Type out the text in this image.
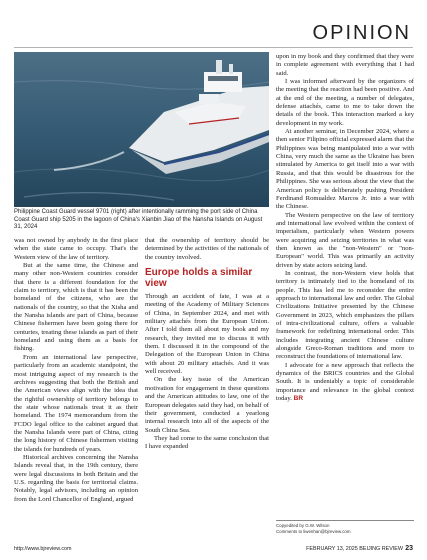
OPINION
Philippine Coast Guard vessel 9701 (right) after intentionally ramming the port side of China Coast Guard ship 5205 in the lagoon of China's Xianbin Jiao of the Nansha Islands on August 31, 2024

was not owned by anybody in the first place when the state came to occupy. That's the Western view of the law of territory.

But at the same time, the Chinese and many other non-Western countries consider that there is a different foundation for the claim to territory, which is that it has been the homeland of the citizens, who are the nationals of the country, so that the Xisha and the Nansha islands are part of China, because Chinese fishermen have been going there for centuries, treating these islands as part of their homeland and using them as a basis for fishing.

From an international law perspective, particularly from an academic standpoint, the most intriguing aspect of my research is the archives suggesting that both the British and the American views align with the idea that the rightful ownership of territory belongs to the state whose nationals treat it as their homeland. The 1974 memorandum from the FCDO legal office to the cabinet argued that the Nansha Islands were part of China, citing the long history of Chinese fishermen visiting the islands for hundreds of years.

Historical archives concerning the Nansha Islands reveal that, in the 19th century, there were legal discussions in both Britain and the U.S. regarding the basis for territorial claims. Notably, legal advisors, including an opinion from the Lord Chancellor of England, argued

that the ownership of territory should be determined by the activities of the nationals of the country involved.

Europe holds a similar view

Through an accident of fate, I was at a meeting of the Academy of Military Sciences of China, in September 2024, and met with military attachés from the European Union. After I told them all about my book and my research, they invited me to discuss it with them. I discussed it in the compound of the Delegation of the European Union in China with about 20 military attachés. And it was well received.

On the key issue of the American motivation for engagement in these questions and the American attitudes to law, one of the European delegates said they had, on behalf of their government, conducted a yearlong internal research into all of the aspects of the South China Sea.

They had come to the same conclusion that I have expanded

upon in my book and they confirmed that they were in complete agreement with everything that I had said.

I was informed afterward by the organizers of the meeting that the reaction had been positive. And at the end of the meeting, a number of delegates, defense attachés, came to me to take down the details of the book. This interaction marked a key development in my work.

At another seminar, in December 2024, where a then senior Filipino official expressed alarm that the Philippines was being manipulated into a war with China, very much the same as the Ukraine has been stimulated by America to get itself into a war with Russia, and that this would be disastrous for the Philippines. She was serious about the view that the American policy is deliberately pushing President Ferdinand Romualdez Marcos Jr. into a war with the Chinese.

The Western perspective on the law of territory and international law evolved within the context of imperialism, particularly when Western powers were acquiring and seizing territories in what was then known as the "non-Western" or "non-European" world. This was primarily an activity driven by state actors seizing land.

In contrast, the non-Western view holds that territory is intimately tied to the homeland of its people. This has led me to reconsider the entire approach to international law and order. The Global Civilizations Initiative presented by the Chinese Government in 2023, which emphasizes the pillars of intra-civilizational culture, offers a valuable framework for redefining international order. This includes integrating ancient Chinese culture alongside Greco-Roman traditions and more to reconstruct the foundations of international law.

I advocate for a new approach that reflects the dynamics of the BRICS countries and the Global South. It is undeniably a topic of considerable importance and relevance in the global context today. BR

Copyedited by G.W. Wilson
Comments to liwenhan@bjreview.com
http://www.bjreview.com	FEBRUARY 13, 2025 BEIJING REVIEW 23
